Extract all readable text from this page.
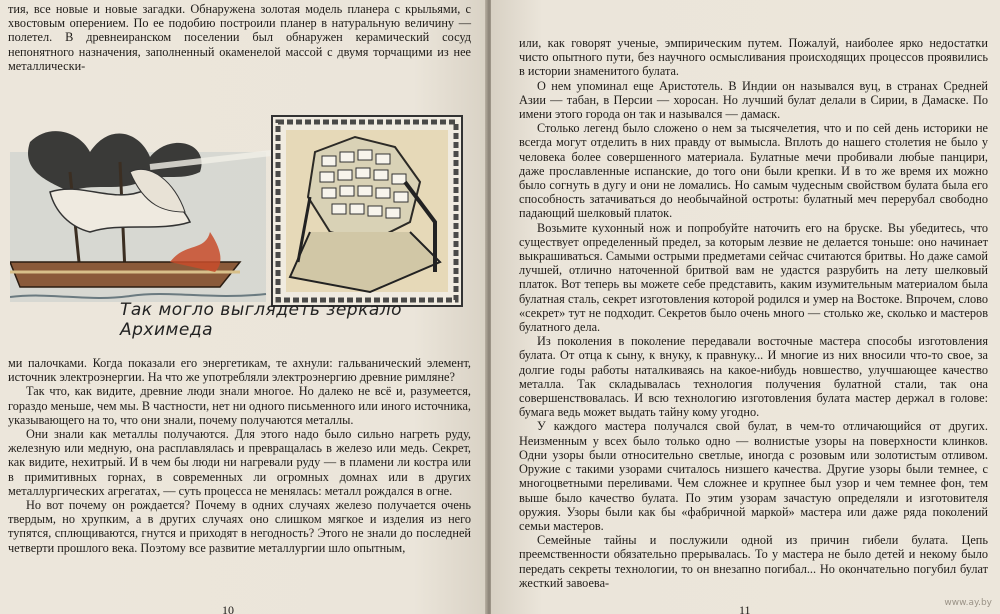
тия, все новые и новые загадки. Обнаружена золотая модель планера с крыльями, с хвостовым оперением. По ее подобию построили планер в натуральную величину — полетел. В древнеиранском поселении был обнаружен керамический сосуд непонятного назначения, заполненный окаменелой массой с двумя торчащими из нее металлически-

Так могло выглядеть зеркало Архимеда

ми палочками. Когда показали его энергетикам, те ахнули: гальванический элемент, источник электроэнергии. На что же употребляли электроэнергию древние римляне?

Так что, как видите, древние люди знали многое. Но далеко не всё и, разумеется, гораздо меньше, чем мы. В частности, нет ни одного письменного или иного источника, указывающего на то, что они знали, почему получаются металлы.

Они знали как металлы получаются. Для этого надо было сильно нагреть руду, железную или медную, она расплавлялась и превращалась в железо или медь. Секрет, как видите, нехитрый. И в чем бы люди ни нагревали руду — в пламени ли костра или в примитивных горнах, в современных ли огромных домнах или в других металлургических агрегатах, — суть процесса не менялась: металл рождался в огне.

Но вот почему он рождается? Почему в одних случаях железо получается очень твердым, но хрупким, а в других случаях оно слишком мягкое и изделия из него тупятся, сплющиваются, гнутся и приходят в негодность? Этого не знали до последней четверти прошлого века. Поэтому все развитие металлургии шло опытным,

10

или, как говорят ученые, эмпирическим путем. Пожалуй, наиболее ярко недостатки чисто опытного пути, без научного осмысливания происходящих процессов проявились в истории знаменитого булата.

О нем упоминал еще Аристотель. В Индии он назывался вуц, в странах Средней Азии — табан, в Персии — хоросан. Но лучший булат делали в Сирии, в Дамаске. По имени этого города он так и назывался — дамаск.

Столько легенд было сложено о нем за тысячелетия, что и по сей день историки не всегда могут отделить в них правду от вымысла. Вплоть до нашего столетия не было у человека более совершенного материала. Булатные мечи пробивали любые панцири, даже прославленные испанские, до того они были крепки. И в то же время их можно было согнуть в дугу и они не ломались. Но самым чудесным свойством булата была его способность затачиваться до необычайной остроты: булатный меч перерубал свободно падающий шелковый платок.

Возьмите кухонный нож и попробуйте наточить его на бруске. Вы убедитесь, что существует определенный предел, за которым лезвие не делается тоньше: оно начинает выкрашиваться. Самыми острыми предметами сейчас считаются бритвы. Но даже самой лучшей, отлично наточенной бритвой вам не удастся разрубить на лету шелковый платок. Вот теперь вы можете себе представить, каким изумительным материалом была булатная сталь, секрет изготовления которой родился и умер на Востоке. Впрочем, слово «секрет» тут не подходит. Секретов было очень много — столько же, сколько и мастеров булатного дела.

Из поколения в поколение передавали восточные мастера способы изготовления булата. От отца к сыну, к внуку, к правнуку... И многие из них вносили что-то свое, за долгие годы работы наталкиваясь на какое-нибудь новшество, улучшающее качество металла. Так складывалась технология получения булатной стали, так она совершенствовалась. И всю технологию изготовления булата мастер держал в голове: бумага ведь может выдать тайну кому угодно.

У каждого мастера получался свой булат, в чем-то отличающийся от других. Неизменным у всех было только одно — волнистые узоры на поверхности клинков. Одни узоры были относительно светлые, иногда с розовым или золотистым отливом. Оружие с такими узорами считалось низшего качества. Другие узоры были темнее, с многоцветными переливами. Чем сложнее и крупнее был узор и чем темнее фон, тем выше было качество булата. По этим узорам зачастую определяли и изготовителя оружия. Узоры были как бы «фабричной маркой» мастера или даже ряда поколений семьи мастеров.

Семейные тайны и послужили одной из причин гибели булата. Цепь преемственности обязательно прерывалась. То у мастера не было детей и некому было передать секреты технологии, то он внезапно погибал... Но окончательно погубил булат жесткий завоева-

11	www.ay.by
